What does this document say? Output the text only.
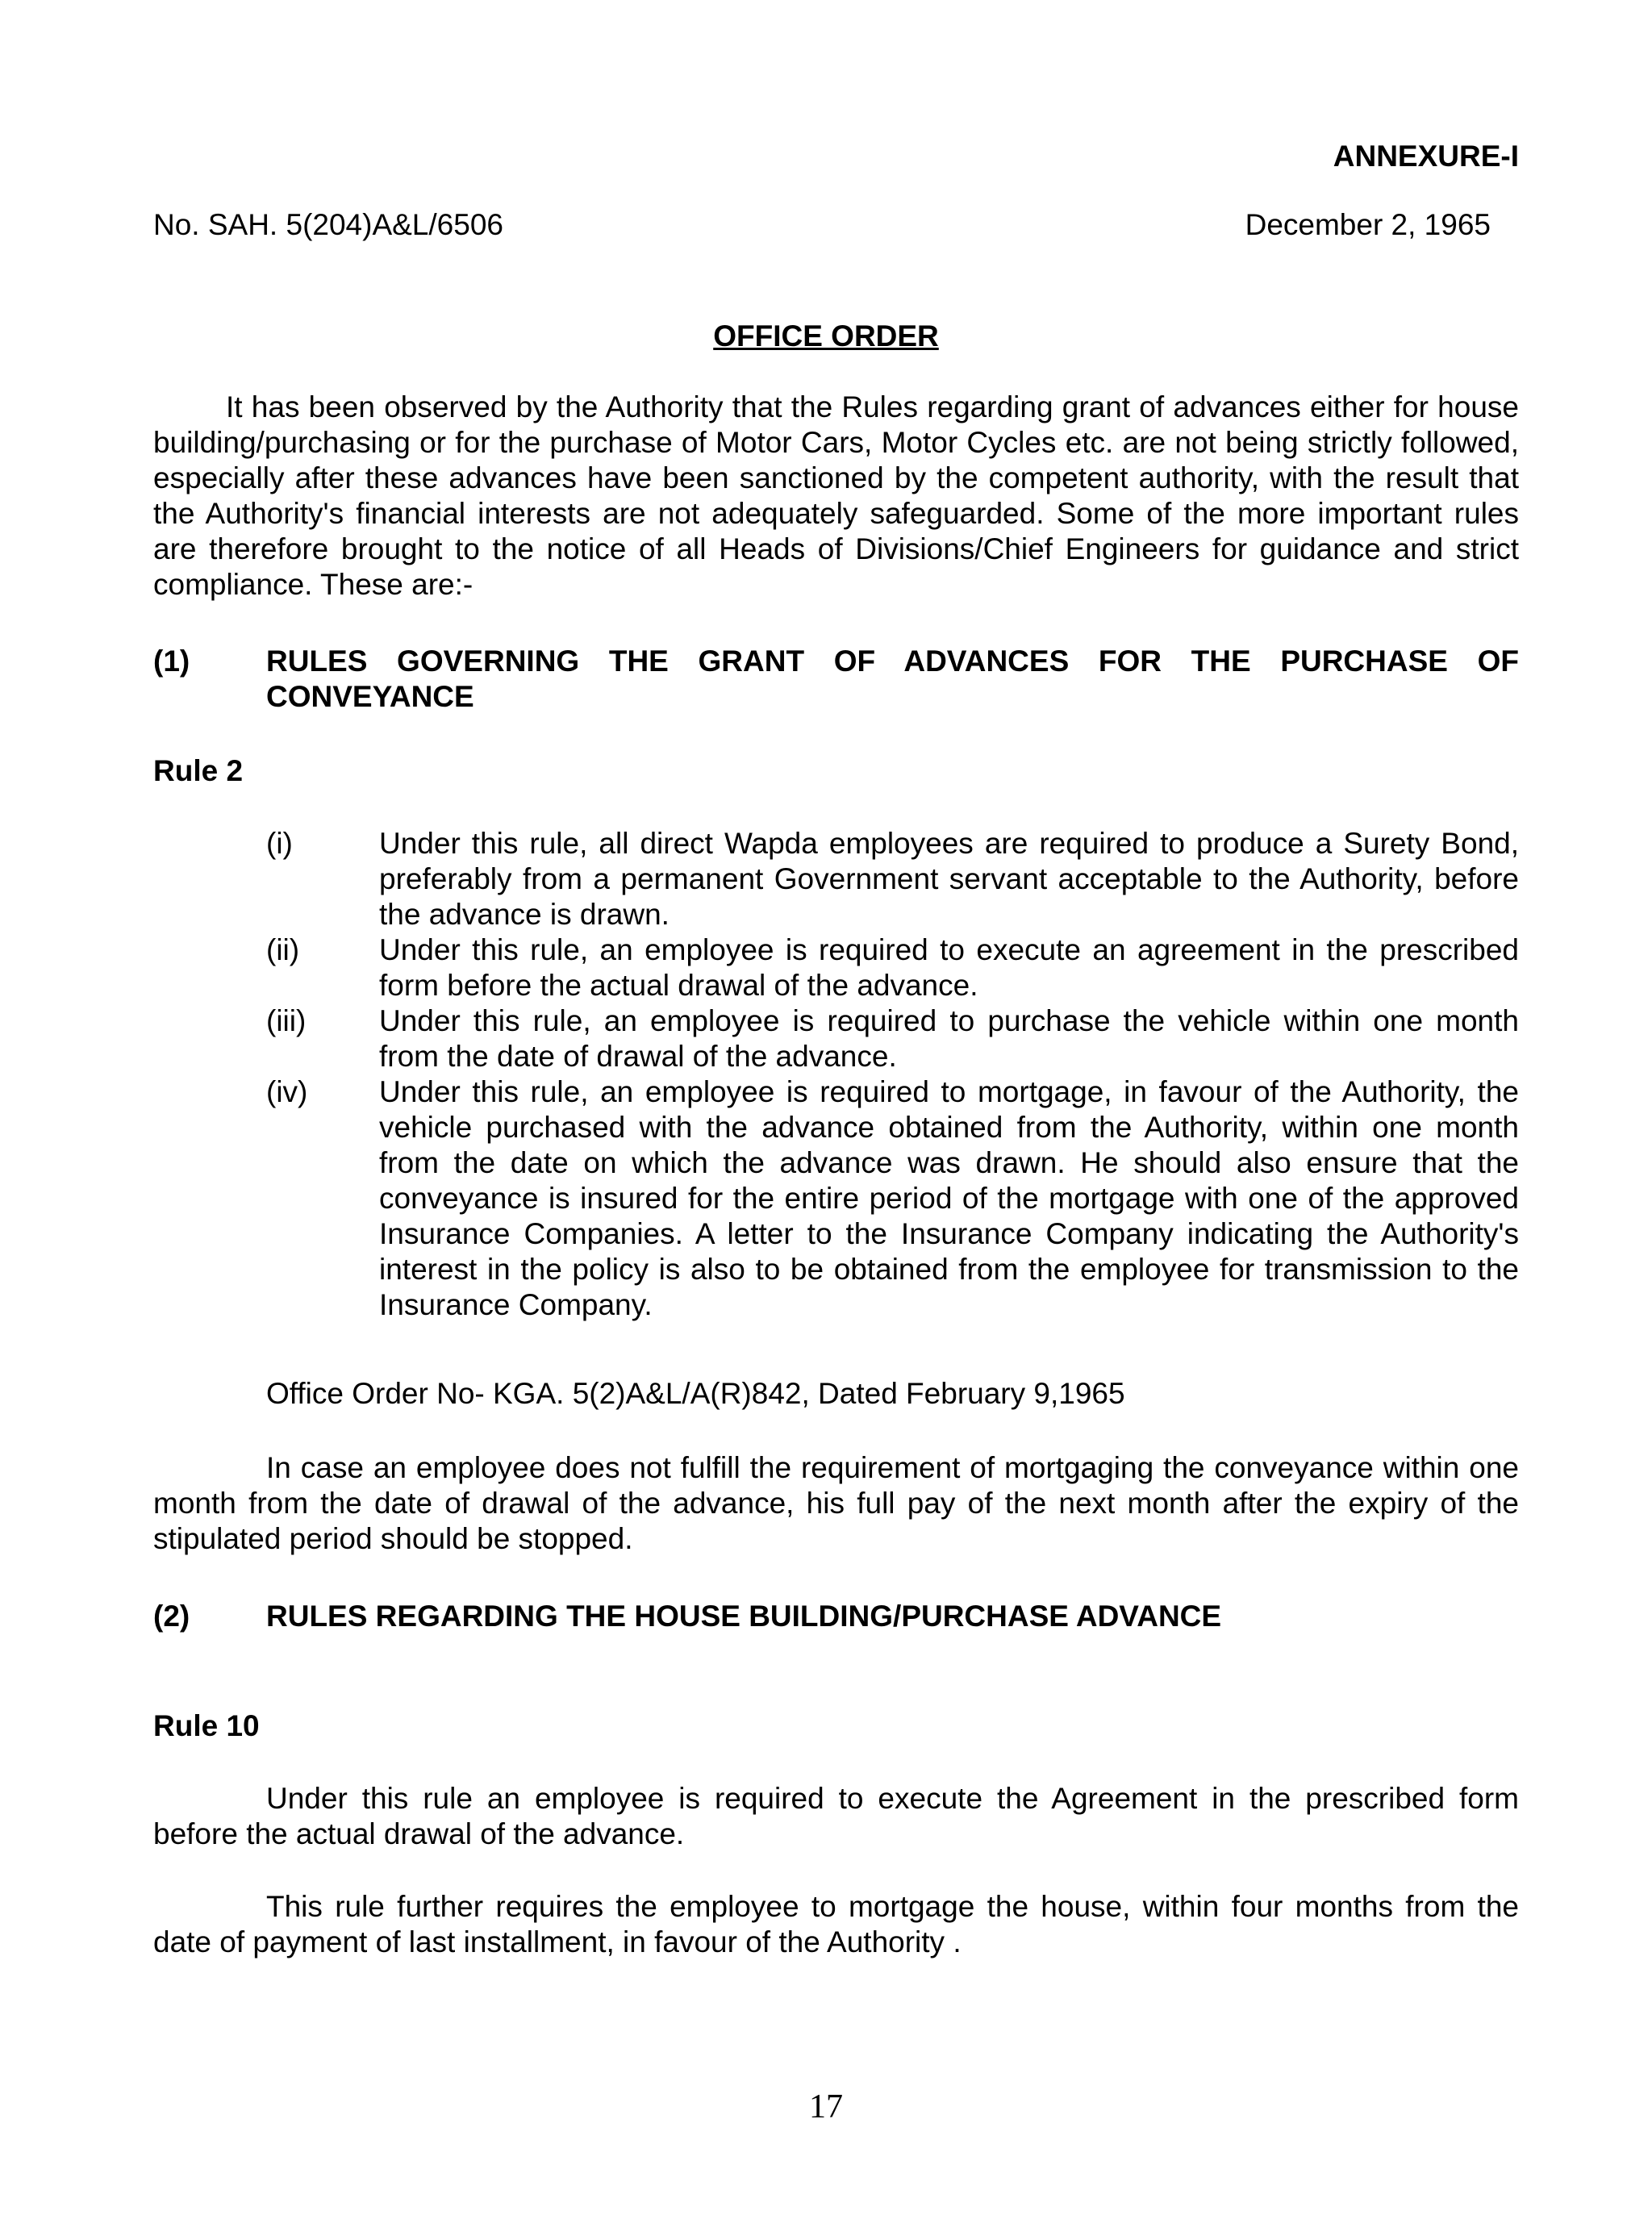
ANNEXURE-I
No. SAH. 5(204)A&L/6506	December 2, 1965
OFFICE ORDER
It has been observed by the Authority that the Rules regarding grant of advances either for house building/purchasing or for the purchase of Motor Cars, Motor Cycles etc. are not being strictly followed, especially after these advances have been sanctioned by the competent authority, with the result that the Authority's financial interests are not adequately safeguarded. Some of the more important rules are therefore brought to the notice of all Heads of Divisions/Chief Engineers for guidance and strict compliance. These are:-
(1)	RULES GOVERNING THE GRANT OF ADVANCES FOR THE PURCHASE OF CONVEYANCE
Rule 2
(i)	Under this rule, all direct Wapda employees are required to produce a Surety Bond, preferably from a permanent Government servant acceptable to the Authority, before the advance is drawn.
(ii)	Under this rule, an employee is required to execute an agreement in the prescribed form before the actual drawal of the advance.
(iii)	Under this rule, an employee is required to purchase the vehicle within one month from the date of drawal of the advance.
(iv)	Under this rule, an employee is required to mortgage, in favour of the Authority, the vehicle purchased with the advance obtained from the Authority, within one month from the date on which the advance was drawn. He should also ensure that the conveyance is insured for the entire period of the mortgage with one of the approved Insurance Companies. A letter to the Insurance Company indicating the Authority's interest in the policy is also to be obtained from the employee for transmission to the Insurance Company.
Office Order No- KGA. 5(2)A&L/A(R)842, Dated February 9,1965
In case an employee does not fulfill the requirement of mortgaging the conveyance within one month from the date of drawal of the advance, his full pay of the next month after the expiry of the stipulated period should be stopped.
(2)	RULES REGARDING THE HOUSE BUILDING/PURCHASE ADVANCE
Rule 10
Under this rule an employee is required to execute the Agreement in the prescribed form before the actual drawal of the advance.
This rule further requires the employee to mortgage the house, within four months from the date of payment of last installment, in favour of the Authority .
17
